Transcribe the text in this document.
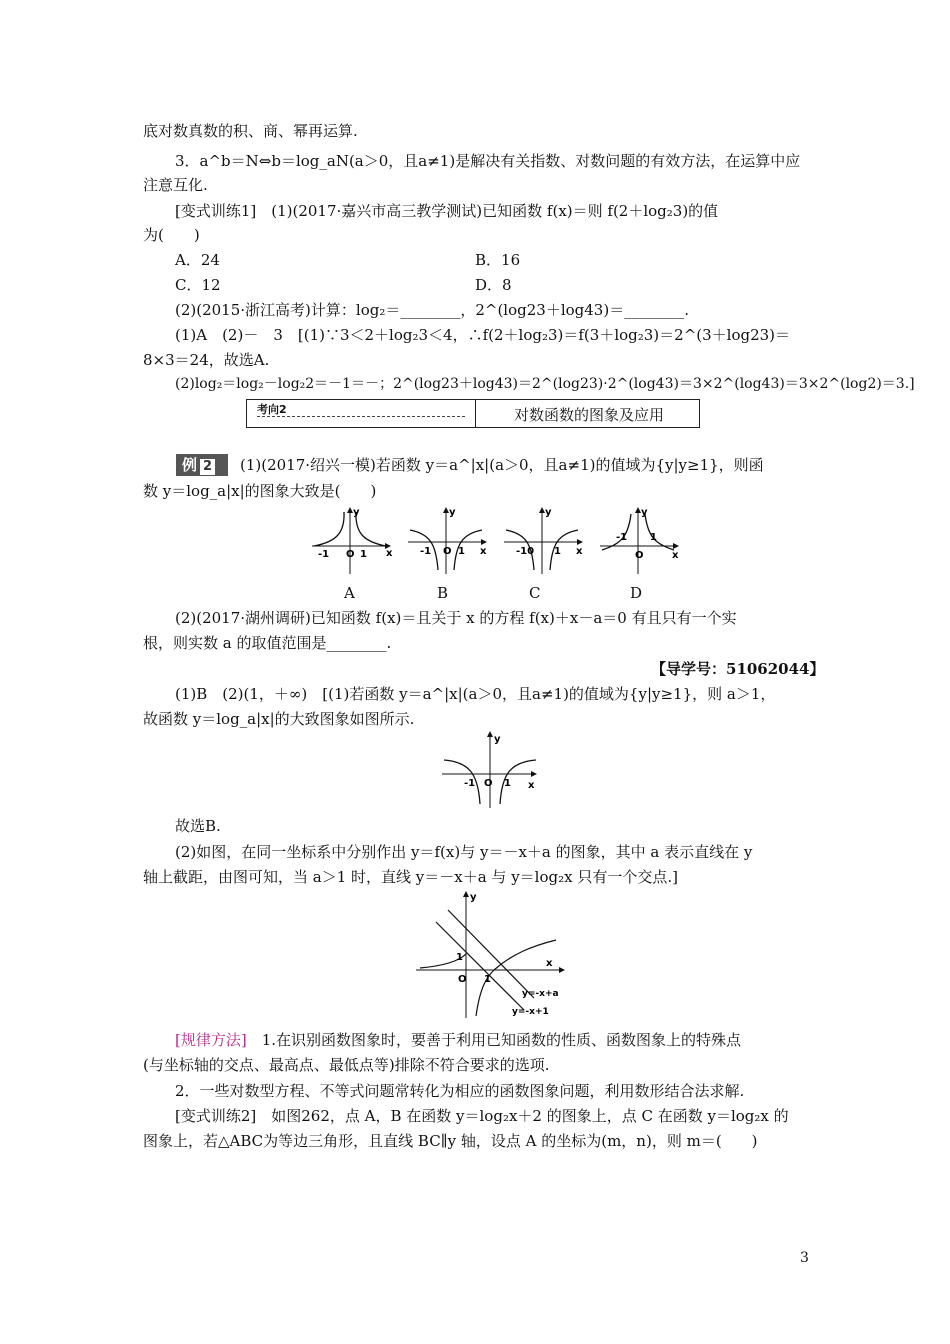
底对数真数的积、商、幂再运算.
3．a^b＝N⇔b＝log_aN(a＞0，且a≠1)是解决有关指数、对数问题的有效方法，在运算中应
注意互化.
[变式训练1]　(1)(2017·嘉兴市高三教学测试)已知函数 f(x)＝则 f(2＋log₂3)的值
为(　　)
A．24	B．16
C．12	D．8
(2)(2015·浙江高考)计算：log₂＝________，2^(log23＋log43)＝________.
(1)A　(2)－　3　[(1)∵3＜2＋log₂3＜4，∴f(2＋log₂3)＝f(3＋log₂3)＝2^(3＋log23)＝
8×3＝24，故选A.
(2)log₂＝log₂－log₂2＝－1＝－；2^(log23＋log43)＝2^(log23)·2^(log43)＝3×2^(log43)＝3×2^(log2)＝3.]
考向2	对数函数的图象及应用
例 2	(1)(2017·绍兴一模)若函数 y＝a^|x|(a＞0，且a≠1)的值域为{y|y≥1}，则函
数 y＝log_a|x|的图象大致是(　　)
y
x
O 1
-1
y
x
-1 O 1
y
x
-10 1
y
x
-1 1
O
A	B	C	D
(2)(2017·湖州调研)已知函数 f(x)＝且关于 x 的方程 f(x)＋x－a＝0 有且只有一个实
根，则实数 a 的取值范围是________.
【导学号：51062044】
(1)B　(2)(1，＋∞)　[(1)若函数 y＝a^|x|(a＞0，且a≠1)的值域为{y|y≥1}，则 a＞1，
故函数 y＝log_a|x|的大致图象如图所示.
y
x
-1 O 1
故选B.
(2)如图，在同一坐标系中分别作出 y＝f(x)与 y＝－x＋a 的图象，其中 a 表示直线在 y
轴上截距，由图可知，当 a＞1 时，直线 y＝－x＋a 与 y＝log₂x 只有一个交点.]
y
x
1
O 1
y=-x+a
y=-x+1
[规律方法]　 1.在识别函数图象时，要善于利用已知函数的性质、函数图象上的特殊点
(与坐标轴的交点、最高点、最低点等)排除不符合要求的选项.
2．一些对数型方程、不等式问题常转化为相应的函数图象问题，利用数形结合法求解.
[变式训练2]　如图262，点 A，B 在函数 y＝log₂x＋2 的图象上，点 C 在函数 y＝log₂x 的
图象上，若△ABC为等边三角形，且直线 BC∥y 轴，设点 A 的坐标为(m，n)，则 m＝(　　)
3
